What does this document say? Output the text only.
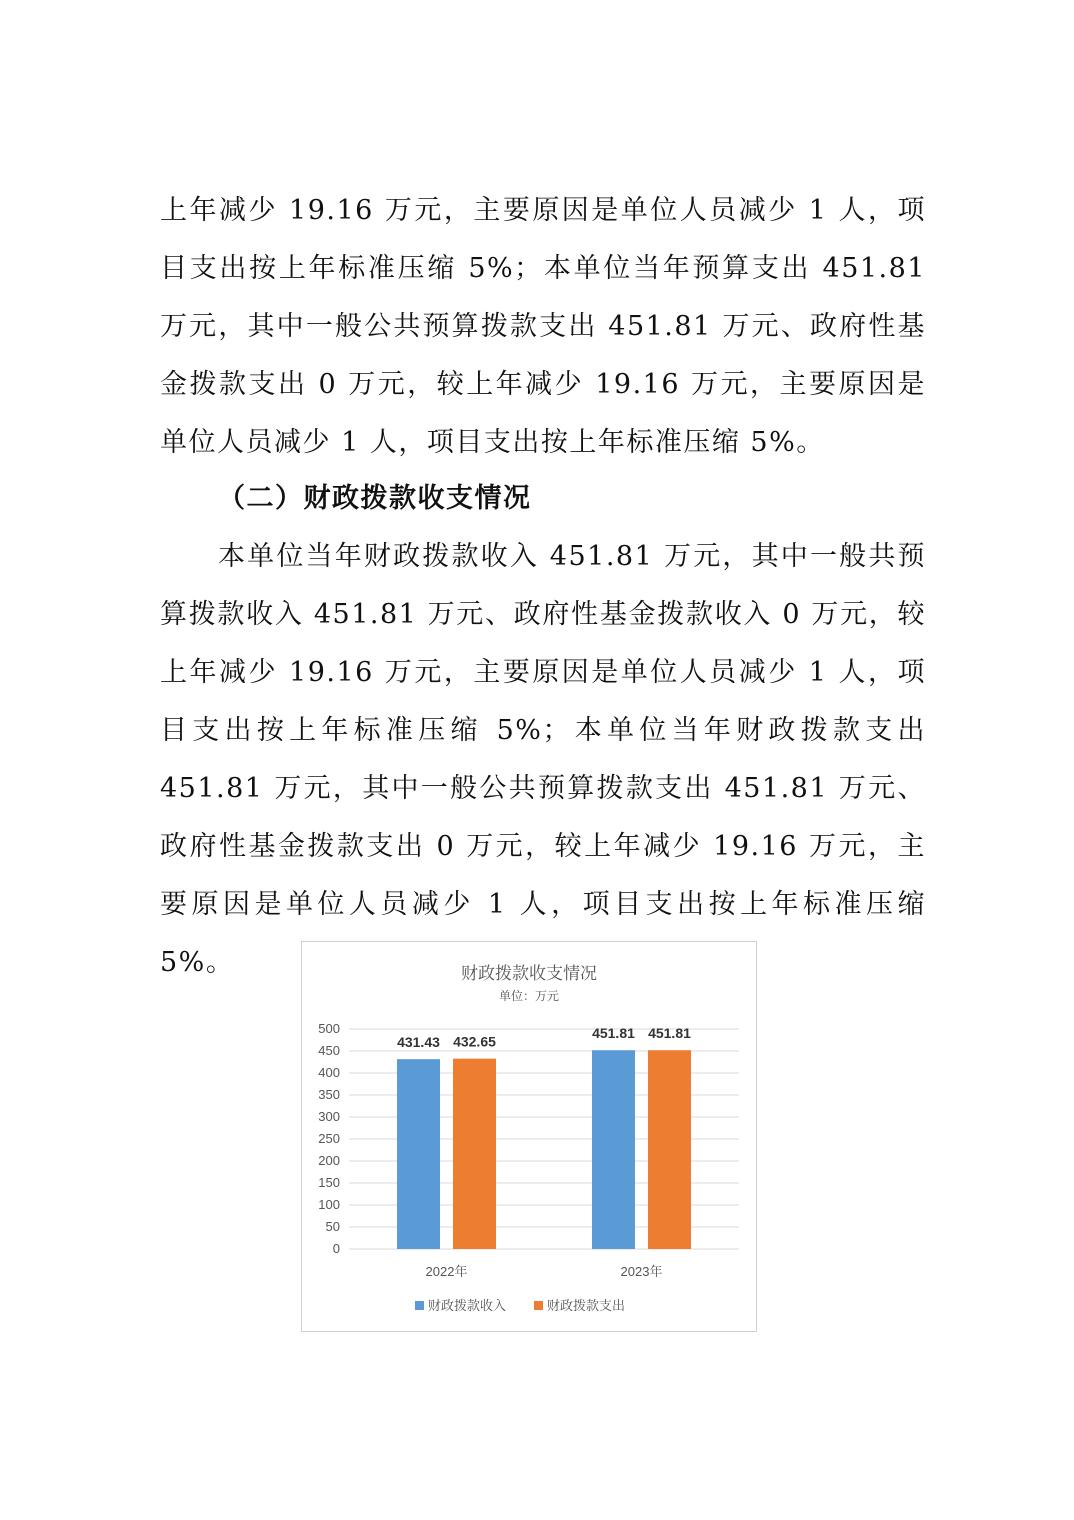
上年减少 19.16 万元，主要原因是单位人员减少 1 人，项目支出按上年标准压缩 5%；本单位当年预算支出 451.81 万元，其中一般公共预算拨款支出 451.81 万元、政府性基金拨款支出 0 万元，较上年减少 19.16 万元，主要原因是单位人员减少 1 人，项目支出按上年标准压缩 5%。

（二）财政拨款收支情况

本单位当年财政拨款收入 451.81 万元，其中一般共预算拨款收入 451.81 万元、政府性基金拨款收入 0 万元，较上年减少 19.16 万元，主要原因是单位人员减少 1 人，项目支出按上年标准压缩 5%；本单位当年财政拨款支出 451.81 万元，其中一般公共预算拨款支出 451.81 万元、政府性基金拨款支出 0 万元，较上年减少 19.16 万元，主要原因是单位人员减少 1 人，项目支出按上年标准压缩 5%。	财政拨款收支情况
单位：万元
0
50
100
150
200
250
300
350
400
450
500
431.43 432.65
451.81 451.81
2022年	2023年
财政拨款收入	财政拨款支出
